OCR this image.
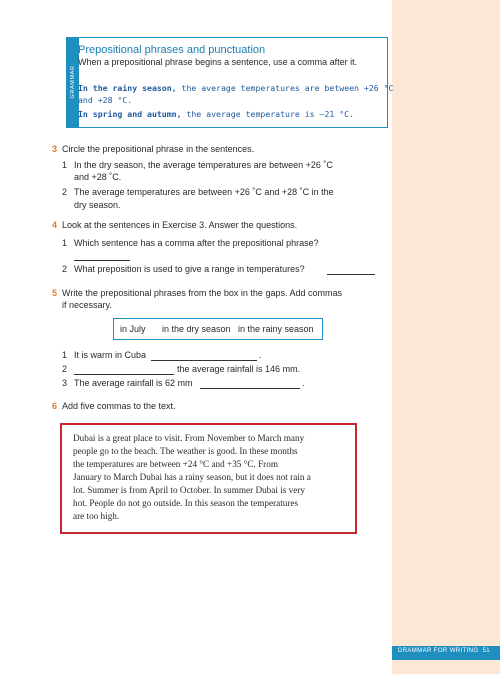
GRAMMAR
Prepositional phrases and punctuation
When a prepositional phrase begins a sentence, use a comma after it.
In the rainy season, the average temperatures are between +26 °C
and +28 °C.
In spring and autumn, the average temperature is –21 °C.
3 Circle the prepositional phrase in the sentences.
1 In the dry season, the average temperatures are between +26 ˚C
and +28 ˚C.
2 The average temperatures are between +26 ˚C and +28 ˚C in the
dry season.
4 Look at the sentences in Exercise 3. Answer the questions.
1 Which sentence has a comma after the prepositional phrase?
2 What preposition is used to give a range in temperatures?
5 Write the prepositional phrases from the box in the gaps. Add commas
if necessary.
in July in the dry season in the rainy season
1 It is warm in Cuba	.
2	the average rainfall is 146 mm.
3 The average rainfall is 62 mm	.
6 Add five commas to the text.
Dubai is a great place to visit. From November to March many
people go to the beach. The weather is good. In these months
the temperatures are between +24 °C and +35 °C. From
January to March Dubai has a rainy season, but it does not rain a
lot. Summer is from April to October. In summer Dubai is very
hot. People do not go outside. In this season the temperatures
are too high.
GRAMMAR FOR WRITING 51
